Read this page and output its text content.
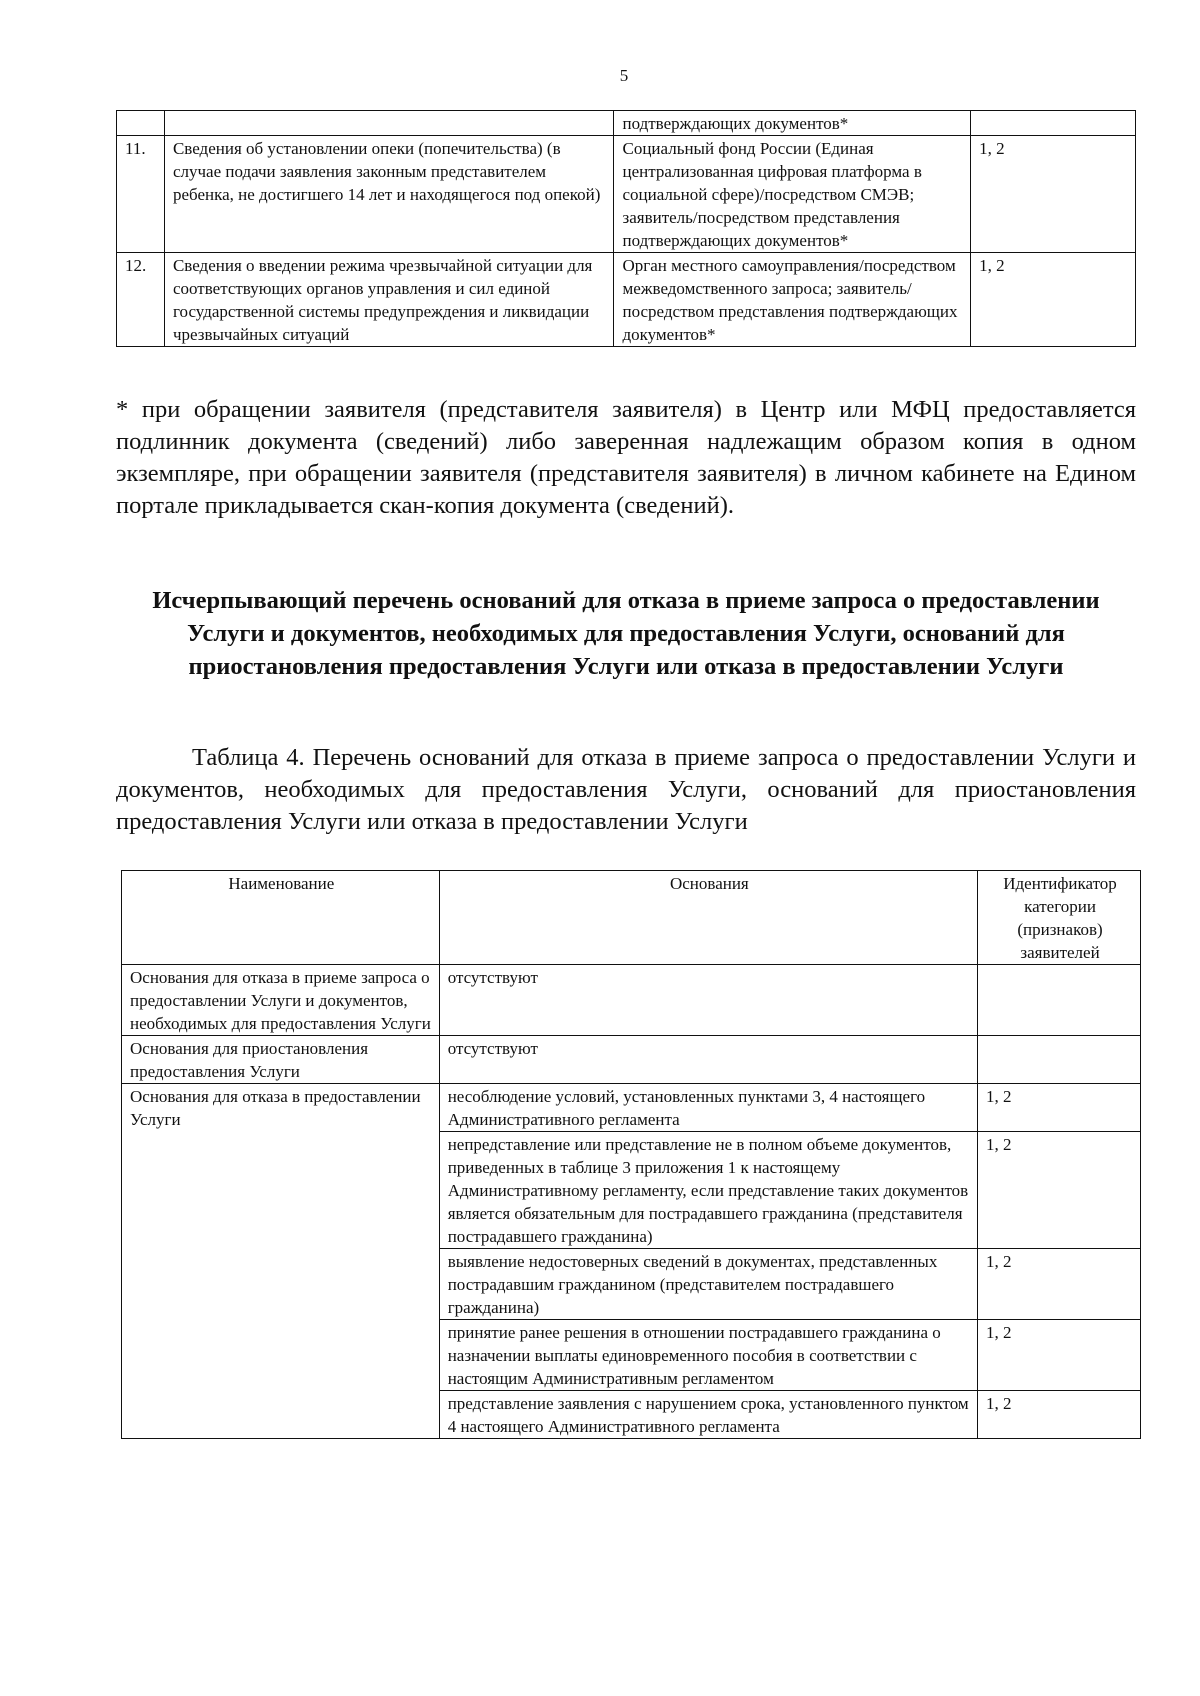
5
		подтверждающих документов*	
11.	Сведения об установлении опеки (попечительства) (в случае подачи заявления законным представителем ребенка, не достигшего 14 лет и находящегося под опекой)	Социальный фонд России (Единая централизованная цифровая платформа в социальной сфере)/посредством СМЭВ; заявитель/посредством представления подтверждающих документов*	1, 2
12.	Сведения о введении режима чрезвычайной ситуации для соответствующих органов управления и сил единой государственной системы предупреждения и ликвидации чрезвычайных ситуаций	Орган местного самоуправления/посредством межведомственного запроса; заявитель/посредством представления подтверждающих документов*	1, 2
* при обращении заявителя (представителя заявителя) в Центр или МФЦ предоставляется подлинник документа (сведений) либо заверенная надлежащим образом копия в одном экземпляре, при обращении заявителя (представителя заявителя) в личном кабинете на Едином портале прикладывается скан-копия документа (сведений).
Исчерпывающий перечень оснований для отказа в приеме запроса о предоставлении Услуги и документов, необходимых для предоставления Услуги, оснований для приостановления предоставления Услуги или отказа в предоставлении Услуги
Таблица 4. Перечень оснований для отказа в приеме запроса о предоставлении Услуги и документов, необходимых для предоставления Услуги, оснований для приостановления предоставления Услуги или отказа в предоставлении Услуги
Наименование	Основания	Идентификатор категории (признаков) заявителей
Основания для отказа в приеме запроса о предоставлении Услуги и документов, необходимых для предоставления Услуги	отсутствуют	
Основания для приостановления предоставления Услуги	отсутствуют	
Основания для отказа в предоставлении Услуги	несоблюдение условий, установленных пунктами 3, 4 настоящего Административного регламента	1, 2
	непредставление или представление не в полном объеме документов, приведенных в таблице 3 приложения 1 к настоящему Административному регламенту, если представление таких документов является обязательным для пострадавшего гражданина (представителя пострадавшего гражданина)	1, 2
	выявление недостоверных сведений в документах, представленных пострадавшим гражданином (представителем пострадавшего гражданина)	1, 2
	принятие ранее решения в отношении пострадавшего гражданина о назначении выплаты единовременного пособия в соответствии с настоящим Административным регламентом	1, 2
	представление заявления с нарушением срока, установленного пунктом 4 настоящего Административного регламента	1, 2
